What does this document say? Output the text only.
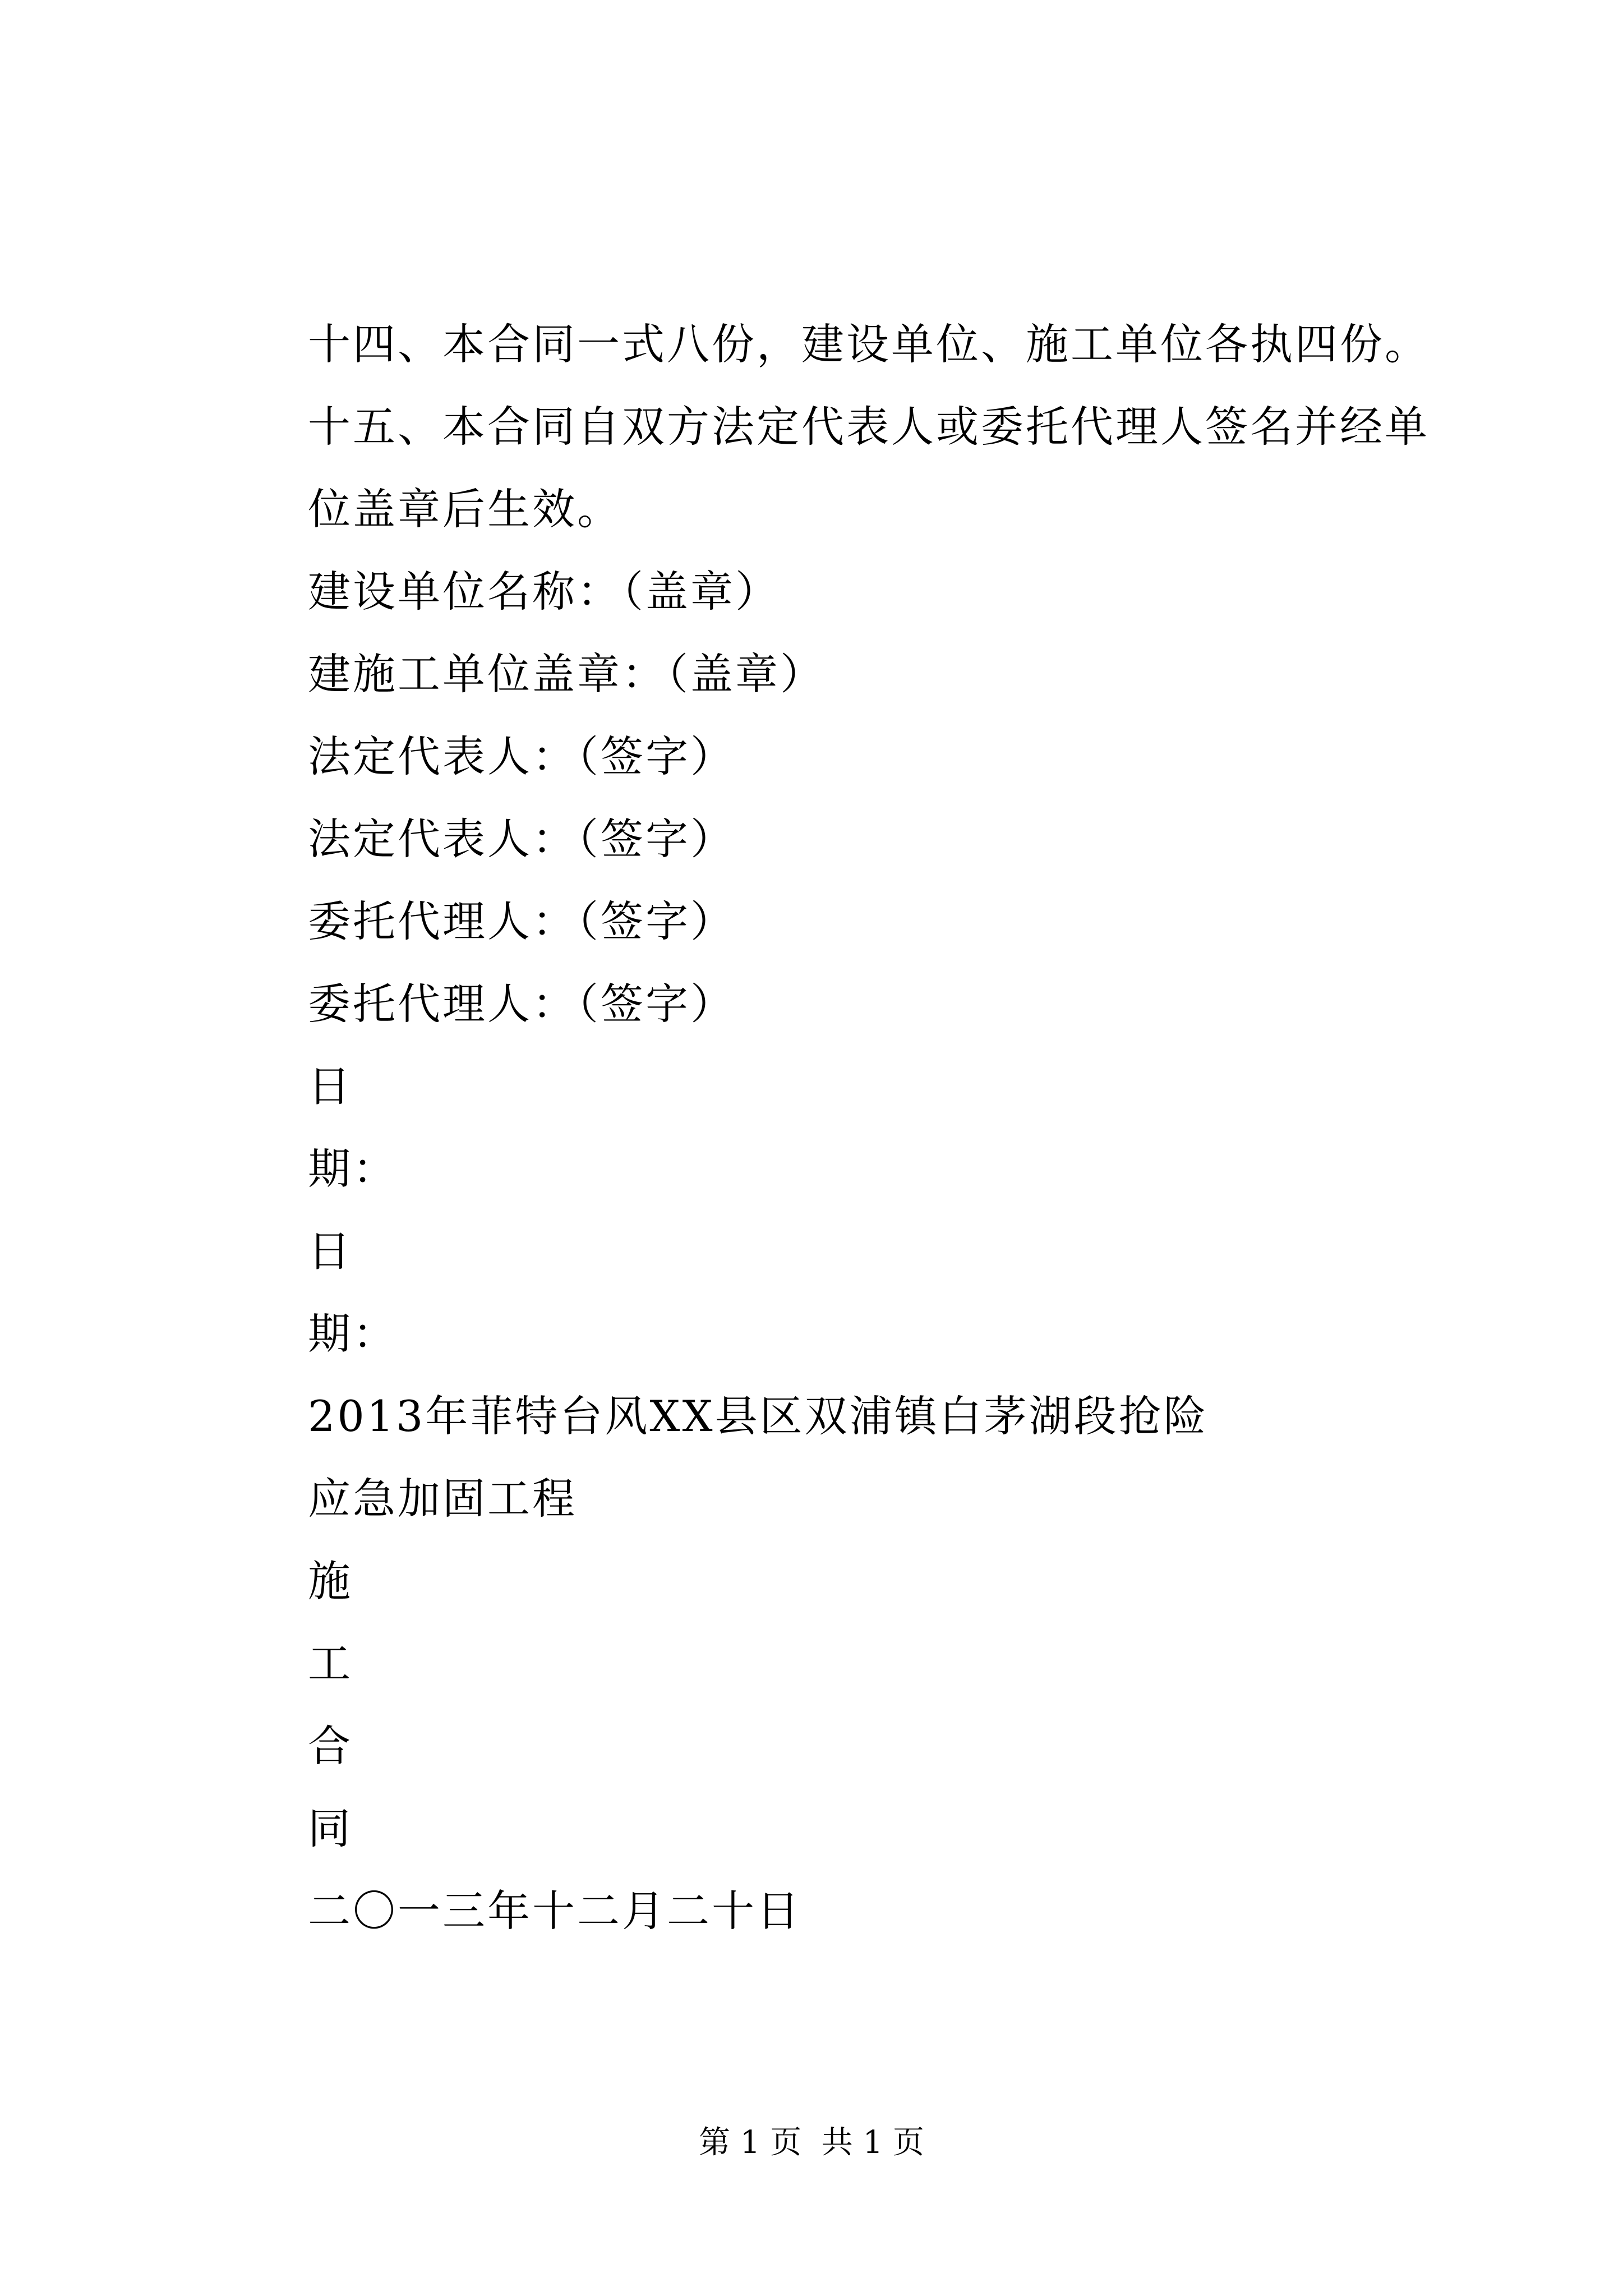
十四、本合同一式八份，建设单位、施工单位各执四份。
十五、本合同自双方法定代表人或委托代理人签名并经单位盖章后生效。
建设单位名称：（盖章）
建施工单位盖章：（盖章）
法定代表人：（签字）
法定代表人：（签字）
委托代理人：（签字）
委托代理人：（签字）
日
期：
日
期：
2013年菲特台风XX县区双浦镇白茅湖段抢险
应急加固工程
施
工
合
同
二〇一三年十二月二十日
第 1 页  共 1 页
